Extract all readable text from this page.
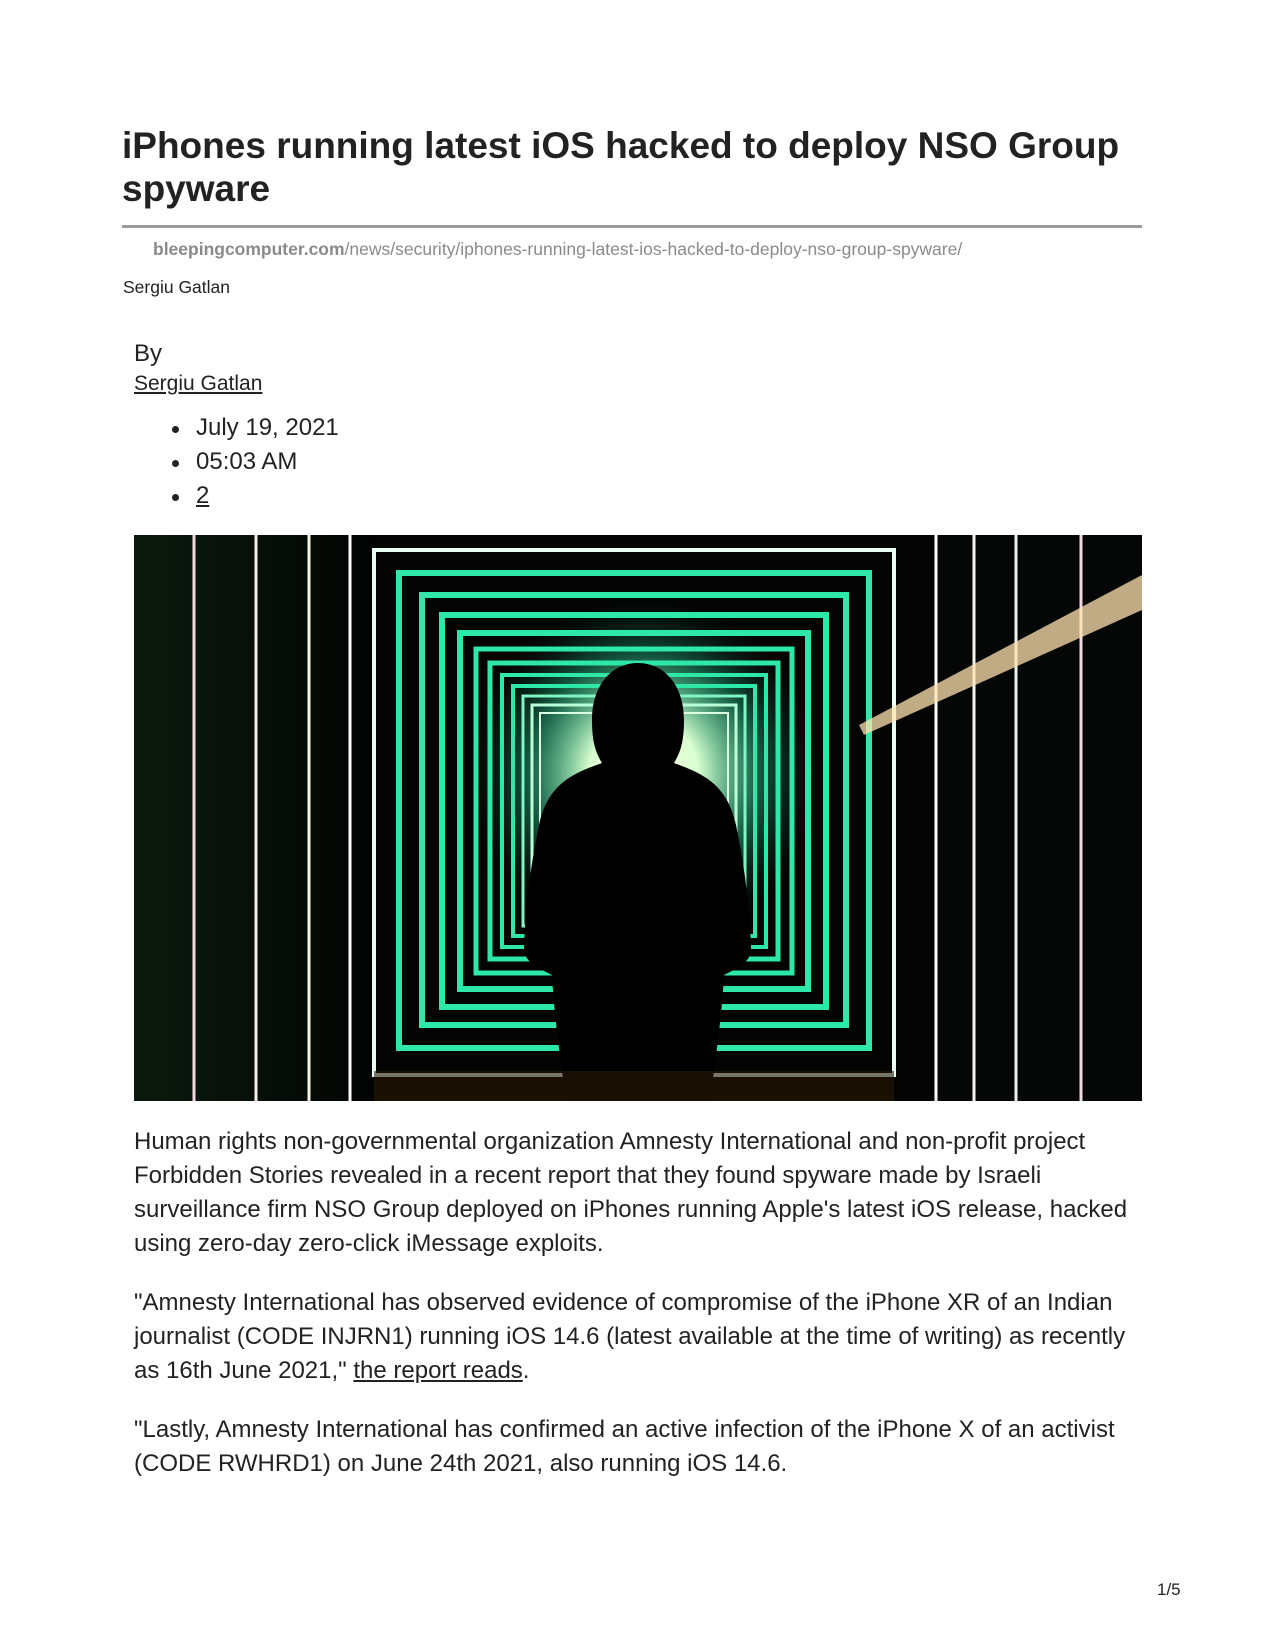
iPhones running latest iOS hacked to deploy NSO Group spyware
bleepingcomputer.com/news/security/iphones-running-latest-ios-hacked-to-deploy-nso-group-spyware/
Sergiu Gatlan
By
Sergiu Gatlan
July 19, 2021
05:03 AM
2

Human rights non-governmental organization Amnesty International and non-profit project Forbidden Stories revealed in a recent report that they found spyware made by Israeli surveillance firm NSO Group deployed on iPhones running Apple's latest iOS release, hacked using zero-day zero-click iMessage exploits.

"Amnesty International has observed evidence of compromise of the iPhone XR of an Indian journalist (CODE INJRN1) running iOS 14.6 (latest available at the time of writing) as recently as 16th June 2021," the report reads.

"Lastly, Amnesty International has confirmed an active infection of the iPhone X of an activist (CODE RWHRD1) on June 24th 2021, also running iOS 14.6.

1/5
